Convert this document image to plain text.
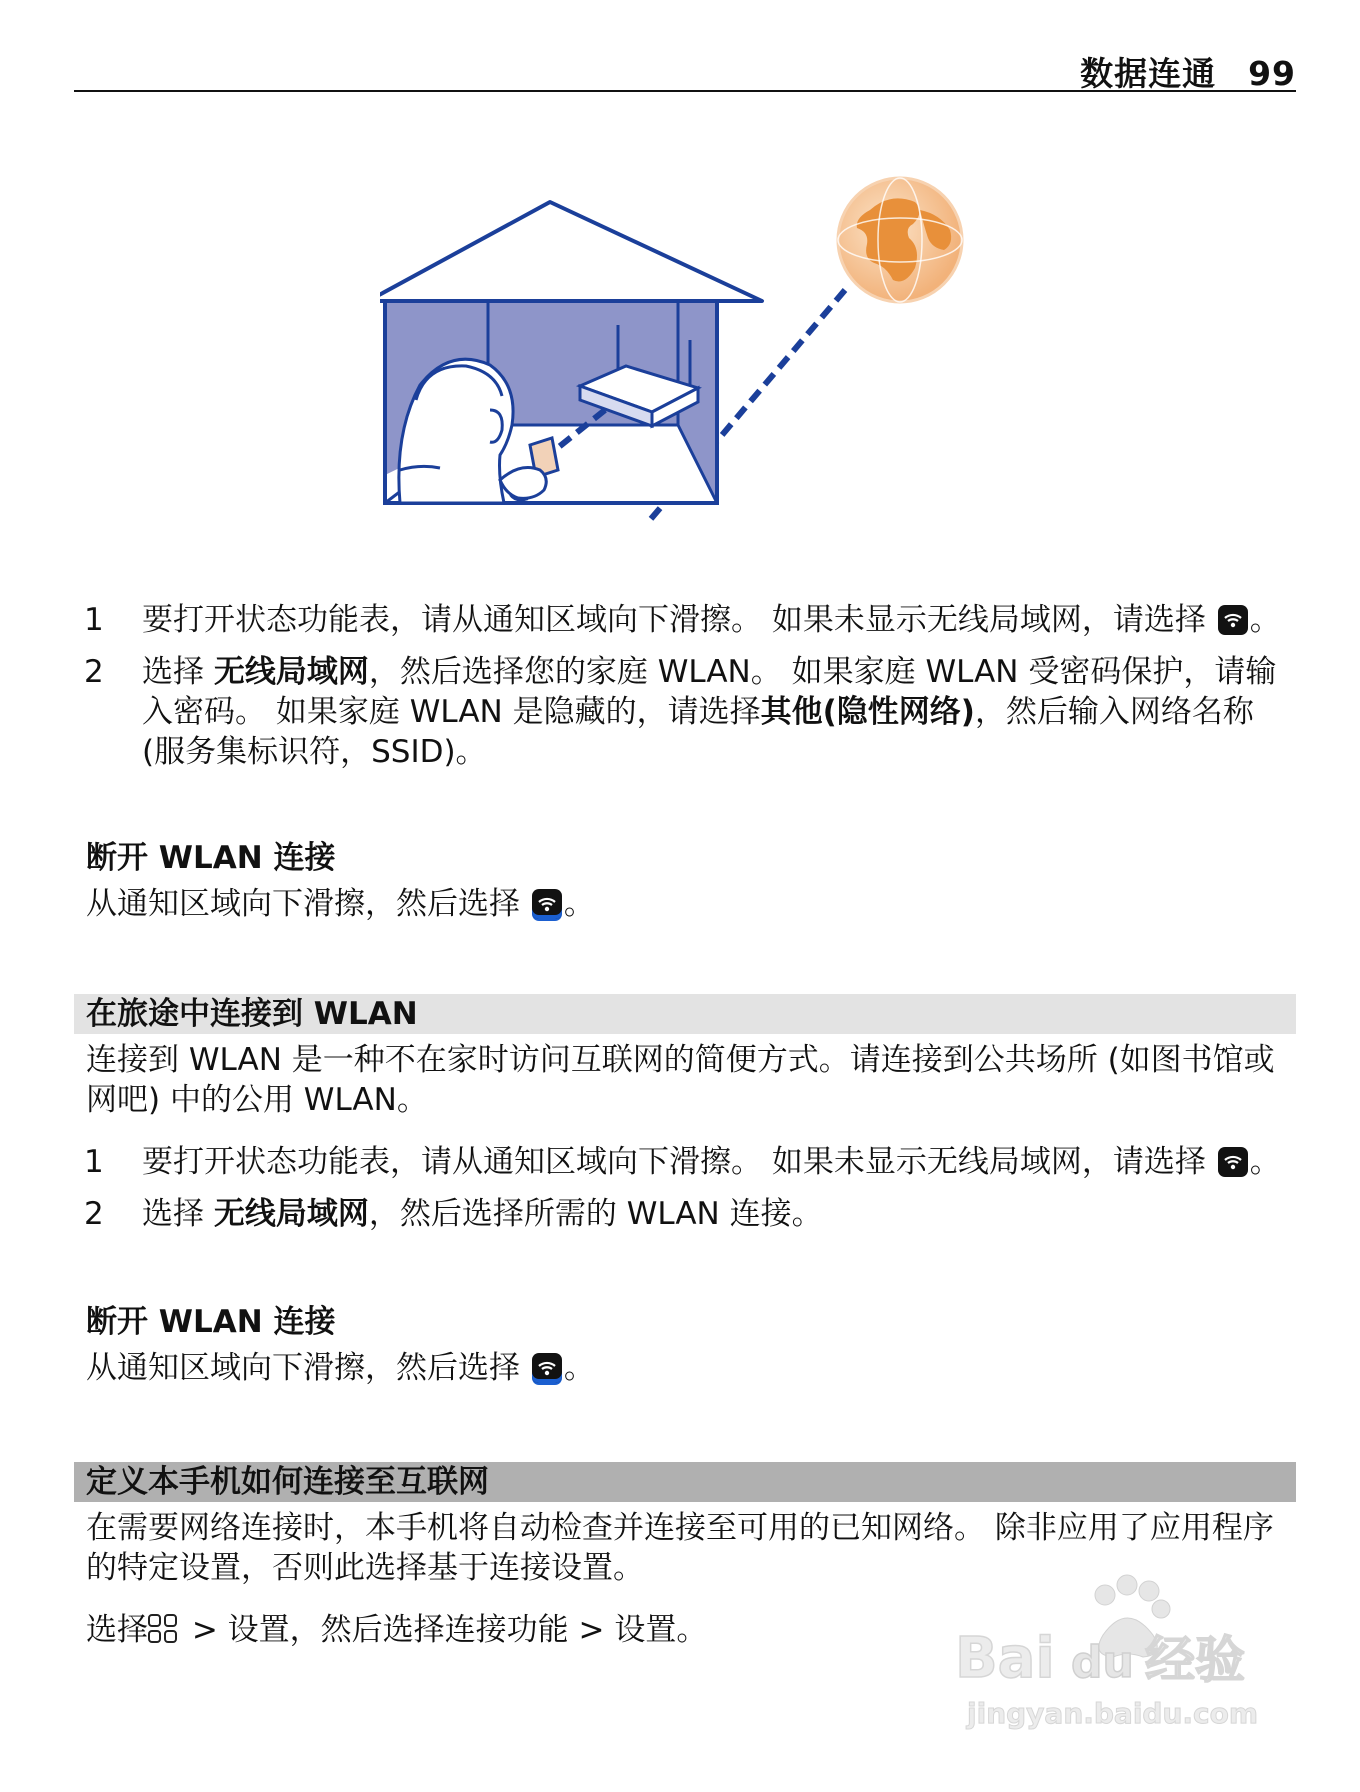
数据连通 99
1 要打开状态功能表，请从通知区域向下滑擦。 如果未显示无线局域网，请选择
。
2 选择 无线局域网，然后选择您的家庭 WLAN。 如果家庭 WLAN 受密码保护，请输入密码。 如果家庭 WLAN 是隐藏的，请选择其他(隐性网络)，然后输入网络名称 (服务集标识符，SSID)。
断开 WLAN 连接
从通知区域向下滑擦，然后选择
。
在旅途中连接到 WLAN
连接到 WLAN 是一种不在家时访问互联网的简便方式。请连接到公共场所 (如图书馆或网吧) 中的公用 WLAN。
1 要打开状态功能表，请从通知区域向下滑擦。 如果未显示无线局域网，请选择
。
2 选择 无线局域网，然后选择所需的 WLAN 连接。
断开 WLAN 连接
从通知区域向下滑擦，然后选择
。
定义本手机如何连接至互联网
在需要网络连接时，本手机将自动检查并连接至可用的已知网络。 除非应用了应用程序的特定设置，否则此选择基于连接设置。
选择 > 设置，然后选择连接功能 > 设置。	Bai du 经验
jingyan.baidu.com
